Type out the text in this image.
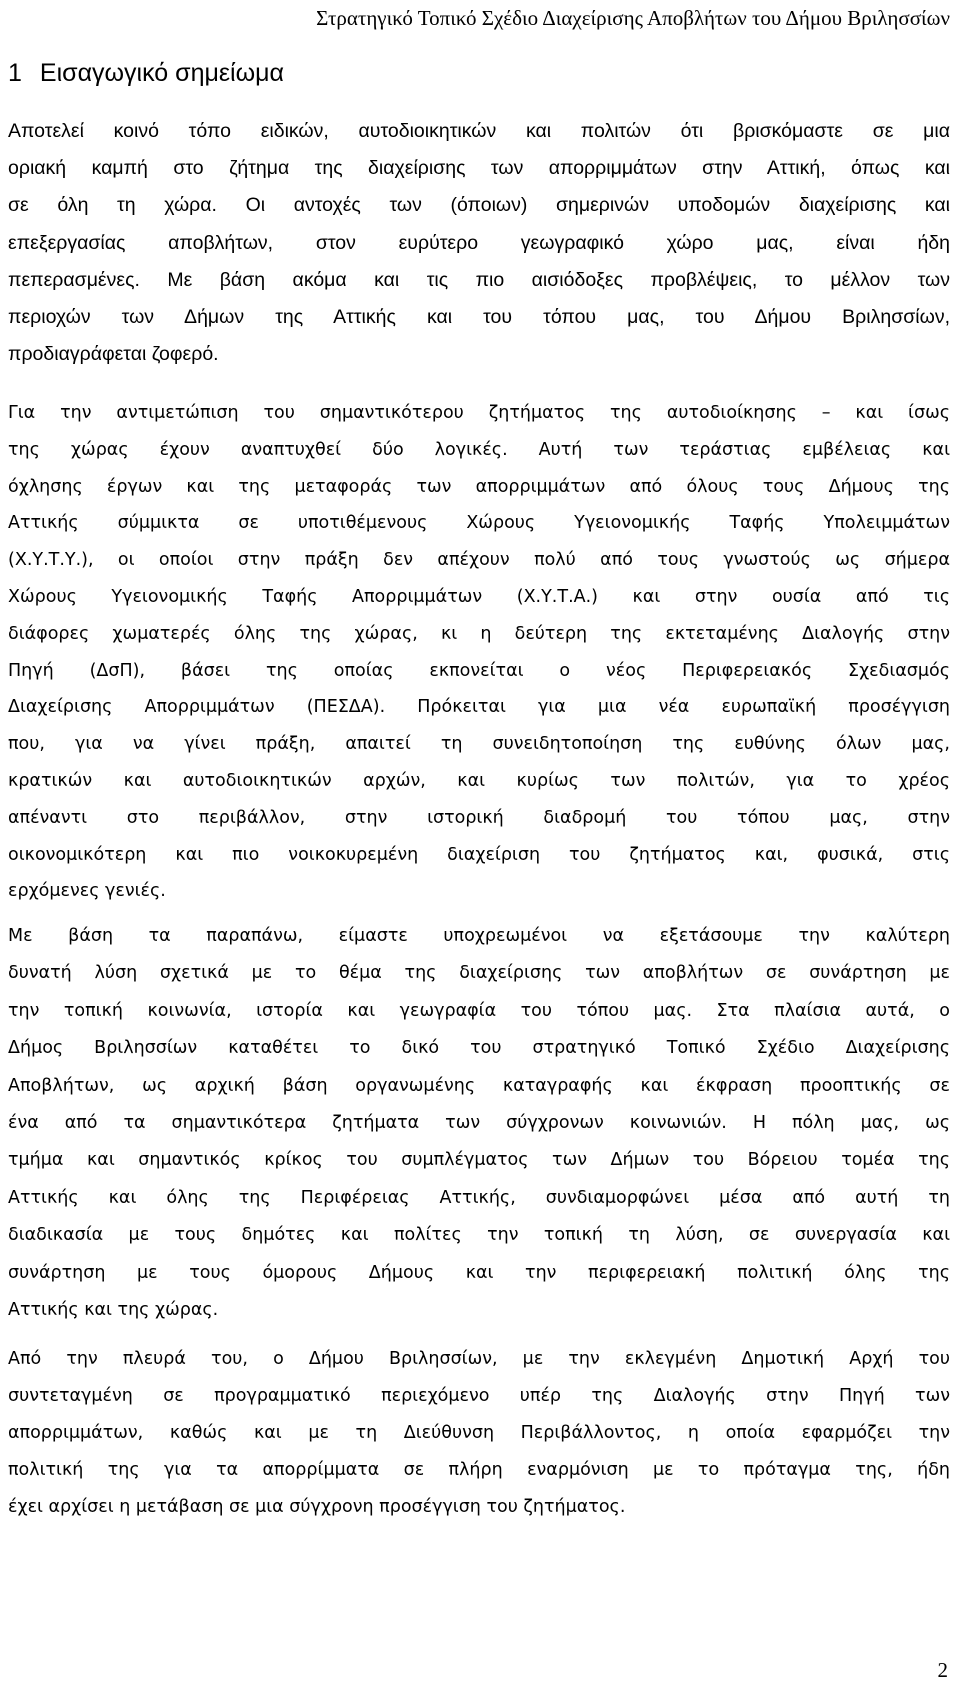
Στρατηγικό Τοπικό Σχέδιο Διαχείρισης Αποβλήτων του Δήμου Βριλησσίων
1 Εισαγωγικό σημείωμα
Αποτελεί κοινό τόπο ειδικών, αυτοδιοικητικών και πολιτών ότι βρισκόμαστε σε μια
οριακή καμπή στο ζήτημα της διαχείρισης των απορριμμάτων στην Αττική, όπως και
σε όλη τη χώρα. Οι αντοχές των (όποιων) σημερινών υποδομών διαχείρισης και
επεξεργασίας αποβλήτων, στον ευρύτερο γεωγραφικό χώρο μας, είναι ήδη
πεπερασμένες. Με βάση ακόμα και τις πιο αισιόδοξες προβλέψεις, το μέλλον των
περιοχών των Δήμων της Αττικής και του τόπου μας, του Δήμου Βριλησσίων,
προδιαγράφεται ζοφερό.
Για την αντιμετώπιση του σημαντικότερου ζητήματος της αυτοδιοίκησης – και ίσως
της χώρας έχουν αναπτυχθεί δύο λογικές. Αυτή των τεράστιας εμβέλειας και
όχλησης έργων και της μεταφοράς των απορριμμάτων από όλους τους Δήμους της
Αττικής σύμμικτα σε υποτιθέμενους Χώρους Υγειονομικής Ταφής Υπολειμμάτων
(Χ.Υ.Τ.Υ.), οι οποίοι στην πράξη δεν απέχουν πολύ από τους γνωστούς ως σήμερα
Χώρους Υγειονομικής Ταφής Απορριμμάτων (Χ.Υ.Τ.Α.) και στην ουσία από τις
διάφορες χωματερές όλης της χώρας, κι η δεύτερη της εκτεταμένης Διαλογής στην
Πηγή (ΔσΠ), βάσει της οποίας εκπονείται ο νέος Περιφερειακός Σχεδιασμός
Διαχείρισης Απορριμμάτων (ΠΕΣΔΑ). Πρόκειται για μια νέα ευρωπαϊκή προσέγγιση
που, για να γίνει πράξη, απαιτεί τη συνειδητοποίηση της ευθύνης όλων μας,
κρατικών και αυτοδιοικητικών αρχών, και κυρίως των πολιτών, για το χρέος
απέναντι στο περιβάλλον, στην ιστορική διαδρομή του τόπου μας, στην
οικονομικότερη και πιο νοικοκυρεμένη διαχείριση του ζητήματος και, φυσικά, στις
ερχόμενες γενιές.
Με βάση τα παραπάνω, είμαστε υποχρεωμένοι να εξετάσουμε την καλύτερη
δυνατή λύση σχετικά με το θέμα της διαχείρισης των αποβλήτων σε συνάρτηση με
την τοπική κοινωνία, ιστορία και γεωγραφία του τόπου μας. Στα πλαίσια αυτά, ο
Δήμος Βριλησσίων καταθέτει το δικό του στρατηγικό Τοπικό Σχέδιο Διαχείρισης
Αποβλήτων, ως αρχική βάση οργανωμένης καταγραφής και έκφραση προοπτικής σε
ένα από τα σημαντικότερα ζητήματα των σύγχρονων κοινωνιών. Η πόλη μας, ως
τμήμα και σημαντικός κρίκος του συμπλέγματος των Δήμων του Βόρειου τομέα της
Αττικής και όλης της Περιφέρειας Αττικής, συνδιαμορφώνει μέσα από αυτή τη
διαδικασία με τους δημότες και πολίτες την τοπική τη λύση, σε συνεργασία και
συνάρτηση με τους όμορους Δήμους και την περιφερειακή πολιτική όλης της
Αττικής και της χώρας.
Από την πλευρά του, ο Δήμου Βριλησσίων, με την εκλεγμένη Δημοτική Αρχή του
συντεταγμένη σε προγραμματικό περιεχόμενο υπέρ της Διαλογής στην Πηγή των
απορριμμάτων, καθώς και με τη Διεύθυνση Περιβάλλοντος, η οποία εφαρμόζει την
πολιτική της για τα απορρίμματα σε πλήρη εναρμόνιση με το πρόταγμα της, ήδη
έχει αρχίσει η μετάβαση σε μια σύγχρονη προσέγγιση του ζητήματος.
2
